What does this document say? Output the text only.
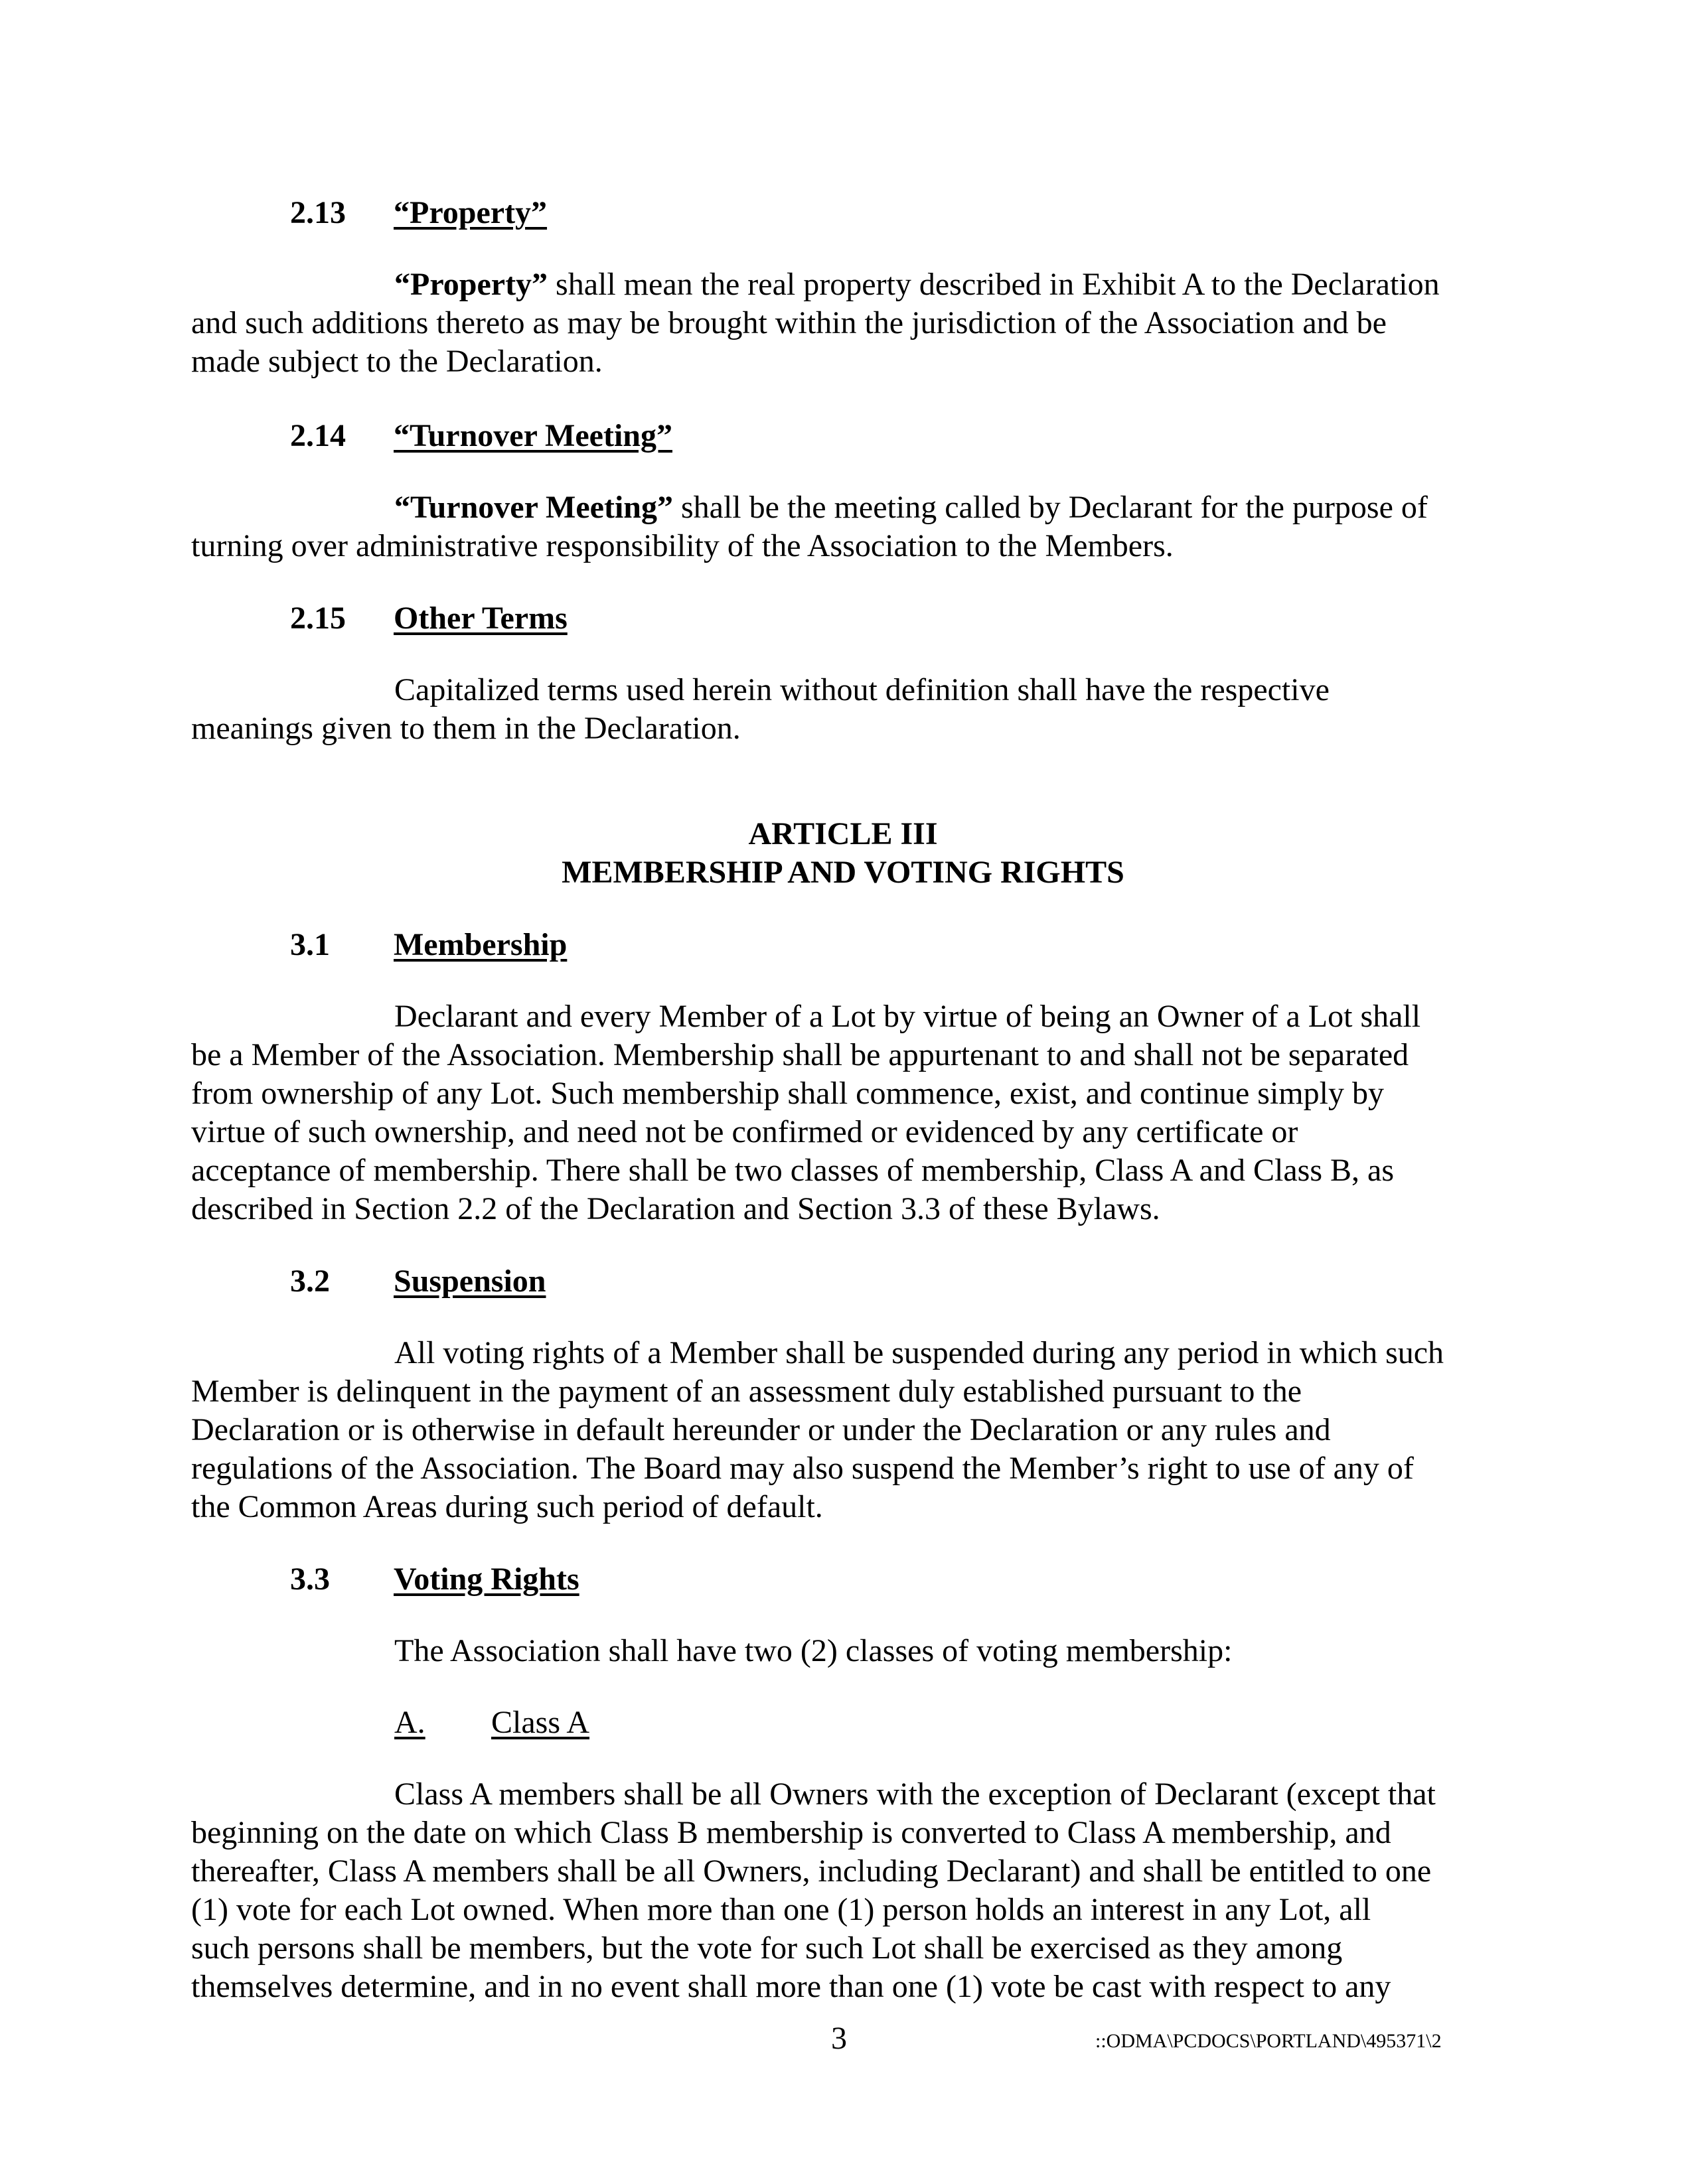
2.13 “Property”
“Property” shall mean the real property described in Exhibit A to the Declaration
and such additions thereto as may be brought within the jurisdiction of the Association and be
made subject to the Declaration.
2.14 “Turnover Meeting”
“Turnover Meeting” shall be the meeting called by Declarant for the purpose of
turning over administrative responsibility of the Association to the Members.
2.15 Other Terms
Capitalized terms used herein without definition shall have the respective
meanings given to them in the Declaration.
ARTICLE III
MEMBERSHIP AND VOTING RIGHTS
3.1 Membership
Declarant and every Member of a Lot by virtue of being an Owner of a Lot shall
be a Member of the Association. Membership shall be appurtenant to and shall not be separated
from ownership of any Lot. Such membership shall commence, exist, and continue simply by
virtue of such ownership, and need not be confirmed or evidenced by any certificate or
acceptance of membership. There shall be two classes of membership, Class A and Class B, as
described in Section 2.2 of the Declaration and Section 3.3 of these Bylaws.
3.2 Suspension
All voting rights of a Member shall be suspended during any period in which such
Member is delinquent in the payment of an assessment duly established pursuant to the
Declaration or is otherwise in default hereunder or under the Declaration or any rules and
regulations of the Association. The Board may also suspend the Member’s right to use of any of
the Common Areas during such period of default.
3.3 Voting Rights
The Association shall have two (2) classes of voting membership:
A. Class A
Class A members shall be all Owners with the exception of Declarant (except that
beginning on the date on which Class B membership is converted to Class A membership, and
thereafter, Class A members shall be all Owners, including Declarant) and shall be entitled to one
(1) vote for each Lot owned. When more than one (1) person holds an interest in any Lot, all
such persons shall be members, but the vote for such Lot shall be exercised as they among
themselves determine, and in no event shall more than one (1) vote be cast with respect to any
3	::ODMA\PCDOCS\PORTLAND\495371\2
